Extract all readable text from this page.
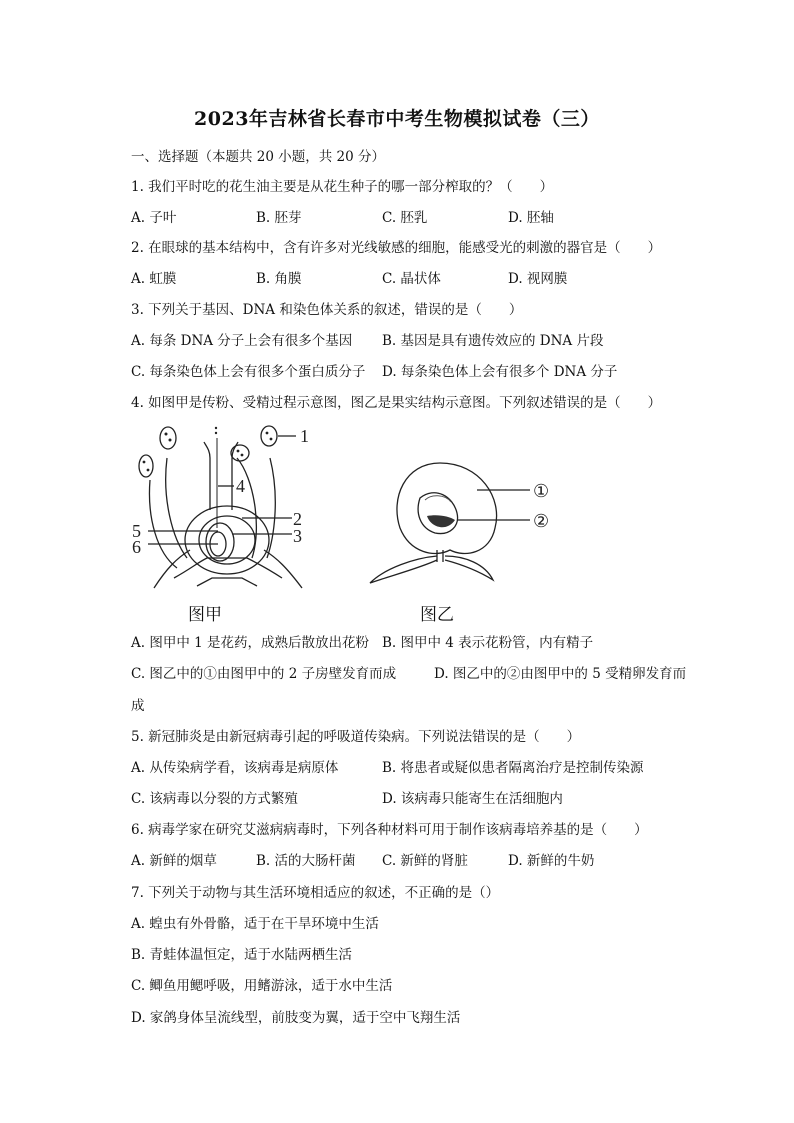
2023年吉林省长春市中考生物模拟试卷（三）
一、选择题（本题共 20 小题，共 20 分）
1. 我们平时吃的花生油主要是从花生种子的哪一部分榨取的？（　　）
A. 子叶	B. 胚芽	C. 胚乳	D. 胚轴
2. 在眼球的基本结构中，含有许多对光线敏感的细胞，能感受光的刺激的器官是（　　）
A. 虹膜	B. 角膜	C. 晶状体	D. 视网膜
3. 下列关于基因、DNA 和染色体关系的叙述，错误的是（　　）
A. 每条 DNA 分子上会有很多个基因 B. 基因是具有遗传效应的 DNA 片段
C. 每条染色体上会有很多个蛋白质分子 D. 每条染色体上会有很多个 DNA 分子
4. 如图甲是传粉、受精过程示意图，图乙是果实结构示意图。下列叙述错误的是（　　）
1
2
3
4
5
6
图甲
①
②
图乙
A. 图甲中 1 是花药，成熟后散放出花粉 B. 图甲中 4 表示花粉管，内有精子
C. 图乙中的①由图甲中的 2 子房壁发育而成	D. 图乙中的②由图甲中的 5 受精卵发育而
成
5. 新冠肺炎是由新冠病毒引起的呼吸道传染病。下列说法错误的是（　　）
A. 从传染病学看，该病毒是病原体	B. 将患者或疑似患者隔离治疗是控制传染源
C. 该病毒以分裂的方式繁殖	D. 该病毒只能寄生在活细胞内
6. 病毒学家在研究艾滋病病毒时，下列各种材料可用于制作该病毒培养基的是（　　）
A. 新鲜的烟草	B. 活的大肠杆菌 C. 新鲜的肾脏	D. 新鲜的牛奶
7. 下列关于动物与其生活环境相适应的叙述，不正确的是（）
A. 蝗虫有外骨骼，适于在干旱环境中生活
B. 青蛙体温恒定，适于水陆两栖生活
C. 鲫鱼用鳃呼吸，用鳍游泳，适于水中生活
D. 家鸽身体呈流线型，前肢变为翼，适于空中飞翔生活
